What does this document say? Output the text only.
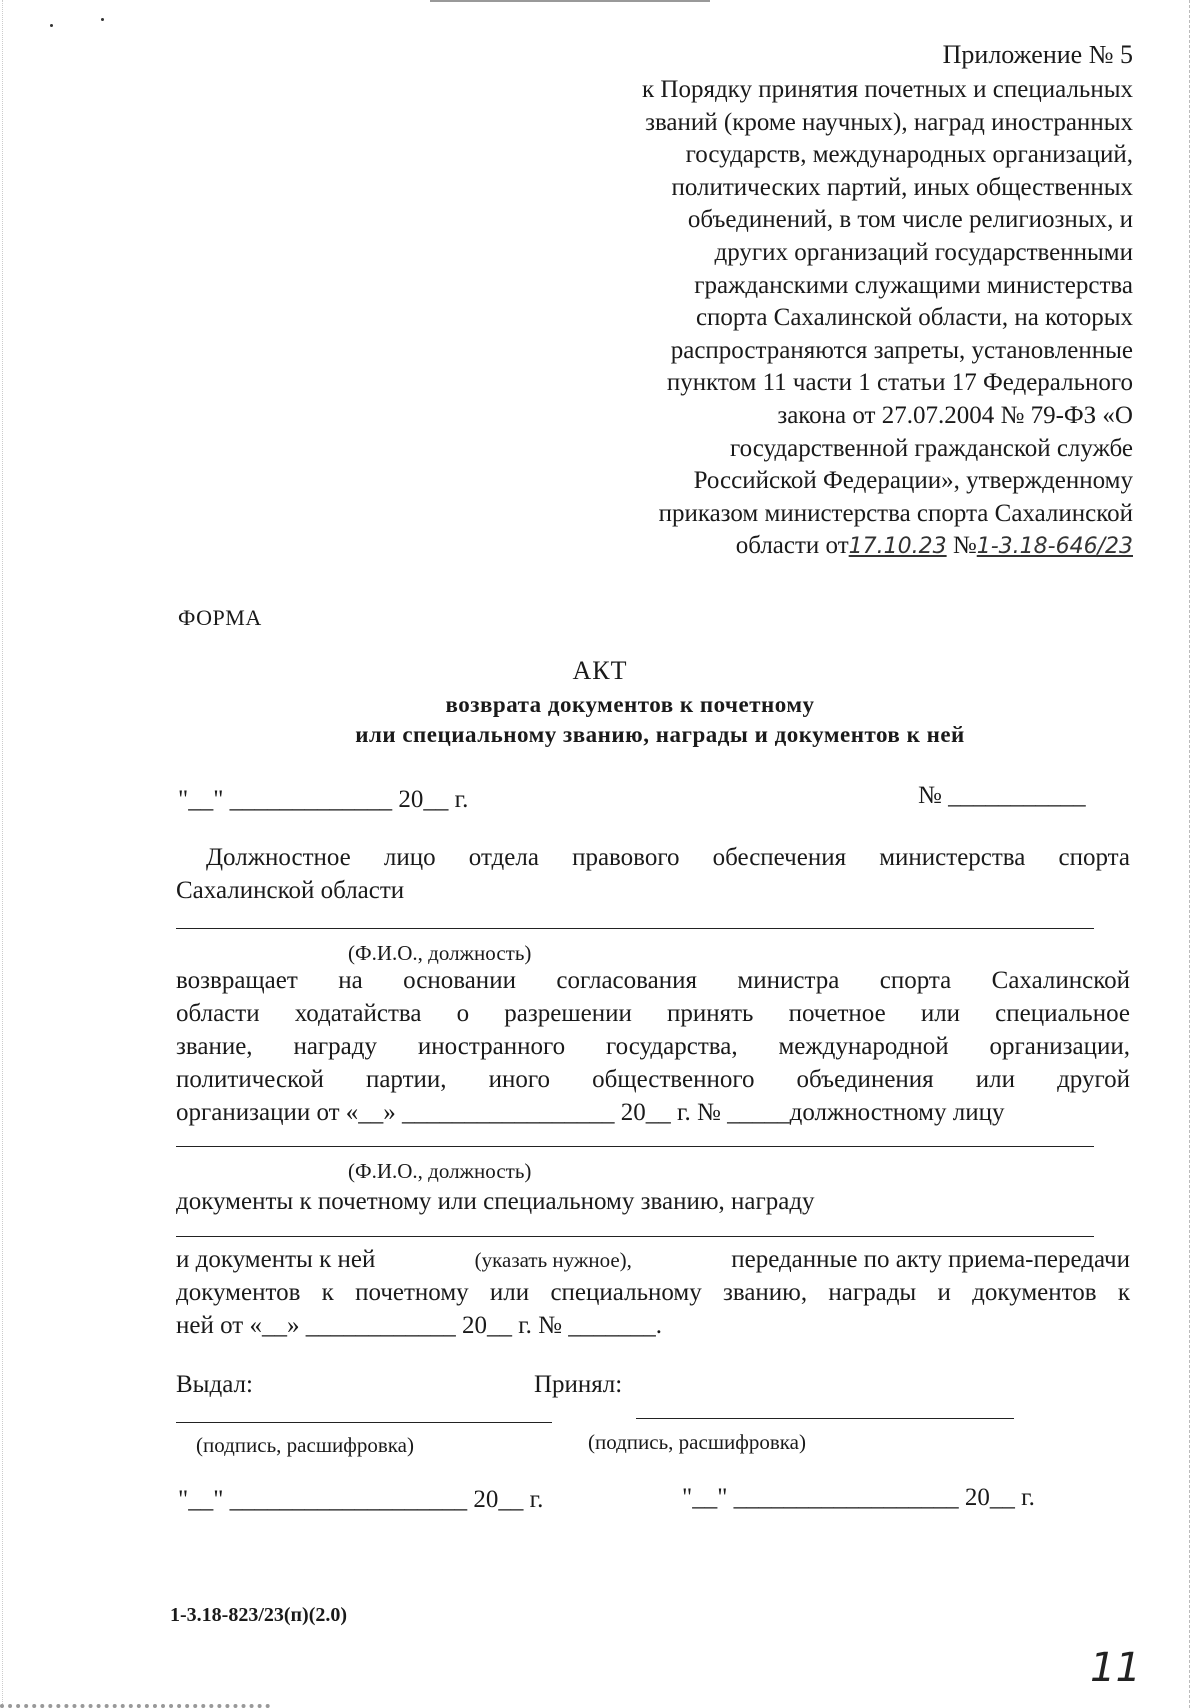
Приложение № 5
к Порядку принятия почетных и специальных
званий (кроме научных), наград иностранных
государств, международных организаций,
политических партий, иных общественных
объединений, в том числе религиозных, и
других организаций государственными
гражданскими служащими министерства
спорта Сахалинской области, на которых
распространяются запреты, установленные
пунктом 11 части 1 статьи 17 Федерального
закона от 27.07.2004 № 79-ФЗ «О
государственной гражданской службе
Российской Федерации», утвержденному
приказом министерства спорта Сахалинской
области от17.10.23 №1-3.18-646/23
ФОРМА
АКТ
возврата документов к почетному
или специальному званию, награды и документов к ней
"__" _____________ 20__ г.	№ ___________
Должностное лицо отдела правового обеспечения министерства спорта
Сахалинской области
(Ф.И.О., должность)
возвращает на основании согласования министра спорта Сахалинской
области ходатайства о разрешении принять почетное или специальное
звание, награду иностранного государства, международной организации,
политической партии, иного общественного объединения или другой
организации от «__» _________________ 20__ г. № _____должностному лицу
(Ф.И.О., должность)
документы к почетному или специальному званию, награду
и документы к ней	(указать нужное),	переданные по акту приема-передачи
документов к почетному или специальному званию, награды и документов к
ней от «__» ____________ 20__ г. № _______.
Выдал:	Принял:
(подпись, расшифровка)	(подпись, расшифровка)
"__" ___________________ 20__ г.	"__" __________________ 20__ г.
1-3.18-823/23(п)(2.0)
11
